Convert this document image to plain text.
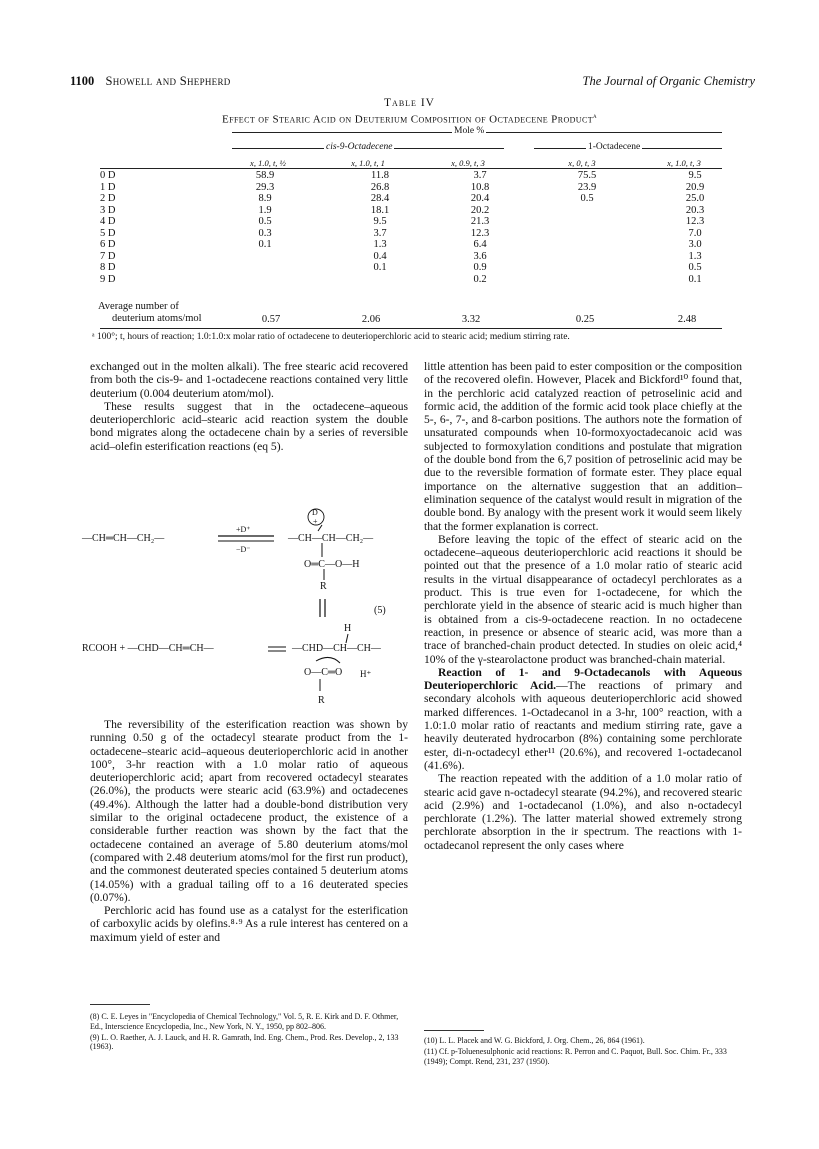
1100 Showell and Shepherd	The Journal of Organic Chemistry
Table IV
Effect of Stearic Acid on Deuterium Composition of Octadecene Product$^a$
Mole %
cis-9-Octadecene	1-Octadecene
x, 1.0, t, ½	x, 1.0, t, 1	x, 0.9, t, 3	x, 0, t, 3	x, 1.0, t, 3
0 D	58.9	11.8	3.7	75.5	9.5
1 D	29.3	26.8	10.8	23.9	20.9
2 D	8.9	28.4	20.4	0.5	25.0
3 D	1.9	18.1	20.2		20.3
4 D	0.5	9.5	21.3		12.3
5 D	0.3	3.7	12.3		7.0
6 D	0.1	1.3	6.4		3.0
7 D		0.4	3.6		1.3
8 D		0.1	0.9		0.5
9 D			0.2		0.1
Average number of
deuterium atoms/mol	0.57	2.06	3.32	0.25	2.48
ᵃ 100°; t, hours of reaction; 1.0:1.0:x molar ratio of octadecene to deuterioperchloric acid to stearic acid; medium stirring rate.

exchanged out in the molten alkali). The free stearic acid recovered from both the cis-9- and 1-octadecene reactions contained very little deuterium (0.004 deuterium atom/mol).

These results suggest that in the octadecene–aqueous deuterioperchloric acid–stearic acid reaction system the double bond migrates along the octadecene chain by a series of reversible acid–olefin esterification reactions (eq 5).

—CH═CH—CH₂—
+D⁺
−D⁻
—CH—CH—CH₂—
D
+
O═C—O—H
R
(5)
H
RCOOH + —CHD—CH═CH—	—CHD—CH—CH—
O—C═O H⁺
R

The reversibility of the esterification reaction was shown by running 0.50 g of the octadecyl stearate product from the 1-octadecene–stearic acid–aqueous deuterioperchloric acid in another 100°, 3-hr reaction with a 1.0 molar ratio of aqueous deuterioperchloric acid; apart from recovered octadecyl stearates (26.0%), the products were stearic acid (63.9%) and octadecenes (49.4%). Although the latter had a double-bond distribution very similar to the original octadecene product, the existence of a considerable further reaction was shown by the fact that the octadecene contained an average of 5.80 deuterium atoms/mol (compared with 2.48 deuterium atoms/mol for the first run product), and the commonest deuterated species contained 5 deuterium atoms (14.05%) with a gradual tailing off to a 16 deuterated species (0.07%).

Perchloric acid has found use as a catalyst for the esterification of carboxylic acids by olefins.⁸·⁹ As a rule interest has centered on a maximum yield of ester and

(8) C. E. Leyes in "Encyclopedia of Chemical Technology," Vol. 5, R. E. Kirk and D. F. Othmer, Ed., Interscience Encyclopedia, Inc., New York, N. Y., 1950, pp 802–806.

(9) L. O. Raether, A. J. Lauck, and H. R. Gamrath, Ind. Eng. Chem., Prod. Res. Develop., 2, 133 (1963).

little attention has been paid to ester composition or the composition of the recovered olefin. However, Placek and Bickford¹⁰ found that, in the perchloric acid catalyzed reaction of petroselinic acid and formic acid, the addition of the formic acid took place chiefly at the 5-, 6-, 7-, and 8-carbon positions. The authors note the formation of unsaturated compounds when 10-formoxyoctadecanoic acid was subjected to formoxylation conditions and postulate that migration of the double bond from the 6,7 position of petroselinic acid may be due to the reversible formation of formate ester. They place equal importance on the alternative suggestion that an addition–elimination sequence of the catalyst would result in migration of the double bond. By analogy with the present work it would seem likely that the former explanation is correct.

Before leaving the topic of the effect of stearic acid on the octadecene–aqueous deuterioperchloric acid reactions it should be pointed out that the presence of a 1.0 molar ratio of stearic acid results in the virtual disappearance of octadecyl perchlorates as a product. This is true even for 1-octadecene, for which the perchlorate yield in the absence of stearic acid is much higher than is obtained from a cis-9-octadecene reaction. In no octadecene reaction, in presence or absence of stearic acid, was more than a trace of branched-chain product detected. In studies on oleic acid,⁴ 10% of the γ-stearolactone product was branched-chain material.

Reaction of 1- and 9-Octadecanols with Aqueous Deuterioperchloric Acid.—The reactions of primary and secondary alcohols with aqueous deuterioperchloric acid showed marked differences. 1-Octadecanol in a 3-hr, 100° reaction, with a 1.0:1.0 molar ratio of reactants and medium stirring rate, gave a heavily deuterated hydrocarbon (8%) containing some perchlorate ester, di-n-octadecyl ether¹¹ (20.6%), and recovered 1-octadecanol (41.6%).

The reaction repeated with the addition of a 1.0 molar ratio of stearic acid gave n-octadecyl stearate (94.2%), and recovered stearic acid (2.9%) and 1-octadecanol (1.0%), and also n-octadecyl perchlorate (1.2%). The latter material showed extremely strong perchlorate absorption in the ir spectrum. The reactions with 1-octadecanol represent the only cases where

(10) L. L. Placek and W. G. Bickford, J. Org. Chem., 26, 864 (1961).

(11) Cf. p-Toluenesulphonic acid reactions: R. Perron and C. Paquot, Bull. Soc. Chim. Fr., 333 (1949); Compt. Rend, 231, 237 (1950).
